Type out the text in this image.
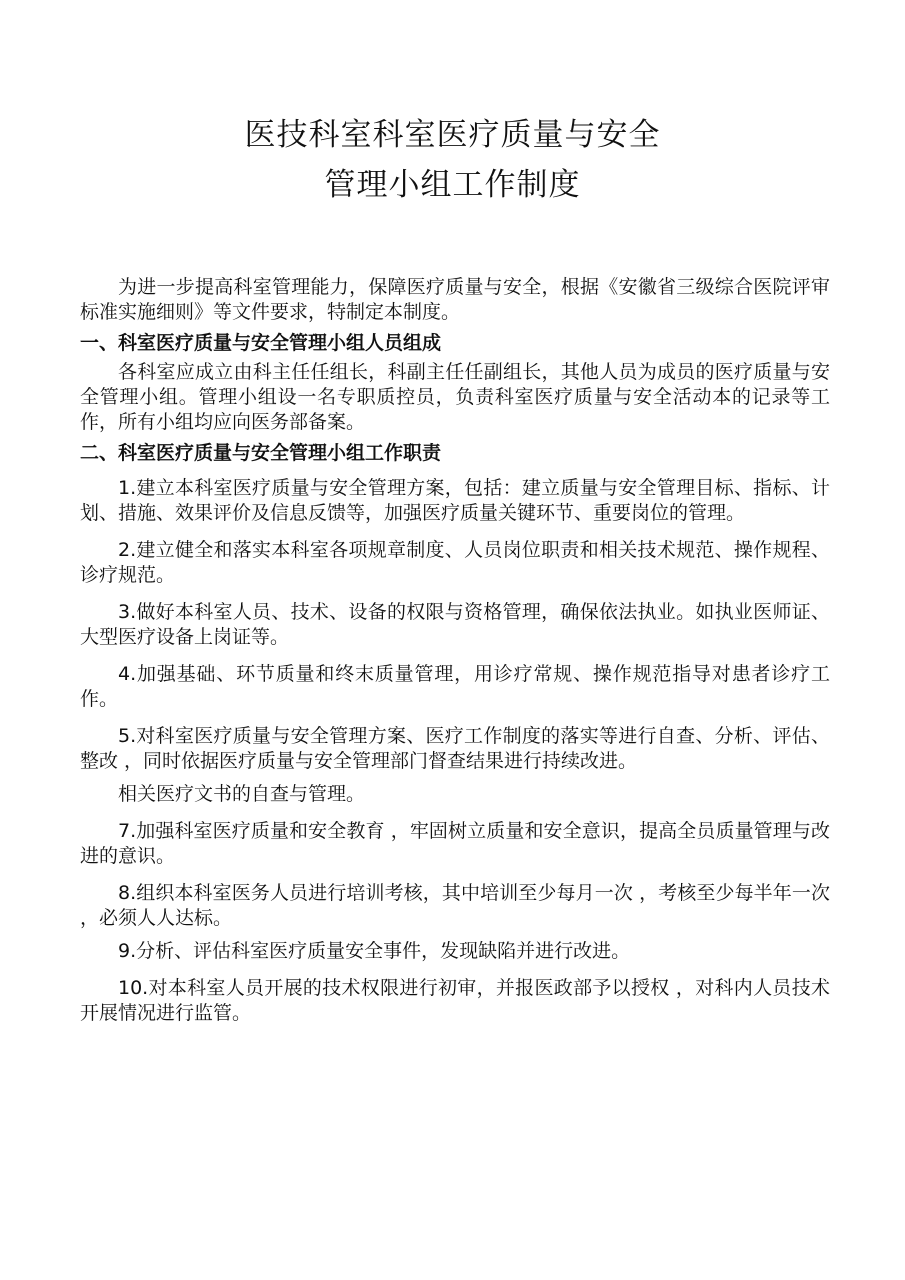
医技科室科室医疗质量与安全
管理小组工作制度

为进一步提高科室管理能力，保障医疗质量与安全，根据《安徽省三级综合医院评审标准实施细则》等文件要求，特制定本制度。

一、科室医疗质量与安全管理小组人员组成

各科室应成立由科主任任组长，科副主任任副组长，其他人员为成员的医疗质量与安全管理小组。管理小组设一名专职质控员，负责科室医疗质量与安全活动本的记录等工作，所有小组均应向医务部备案。

二、科室医疗质量与安全管理小组工作职责

1.建立本科室医疗质量与安全管理方案，包括：建立质量与安全管理目标、指标、计划、措施、效果评价及信息反馈等，加强医疗质量关键环节、重要岗位的管理。

2.建立健全和落实本科室各项规章制度、人员岗位职责和相关技术规范、操作规程、诊疗规范。

3.做好本科室人员、技术、设备的权限与资格管理，确保依法执业。如执业医师证、大型医疗设备上岗证等。

4.加强基础、环节质量和终末质量管理，用诊疗常规、操作规范指导对患者诊疗工作。

5.对科室医疗质量与安全管理方案、医疗工作制度的落实等进行自查、分析、评估、整改 ，同时依据医疗质量与安全管理部门督查结果进行持续改进。

相关医疗文书的自查与管理。

7.加强科室医疗质量和安全教育 ，牢固树立质量和安全意识，提高全员质量管理与改进的意识。

8.组织本科室医务人员进行培训考核，其中培训至少每月一次 ，考核至少每半年一次 ，必须人人达标。

9.分析、评估科室医疗质量安全事件，发现缺陷并进行改进。

10.对本科室人员开展的技术权限进行初审，并报医政部予以授权 ，对科内人员技术开展情况进行监管。
